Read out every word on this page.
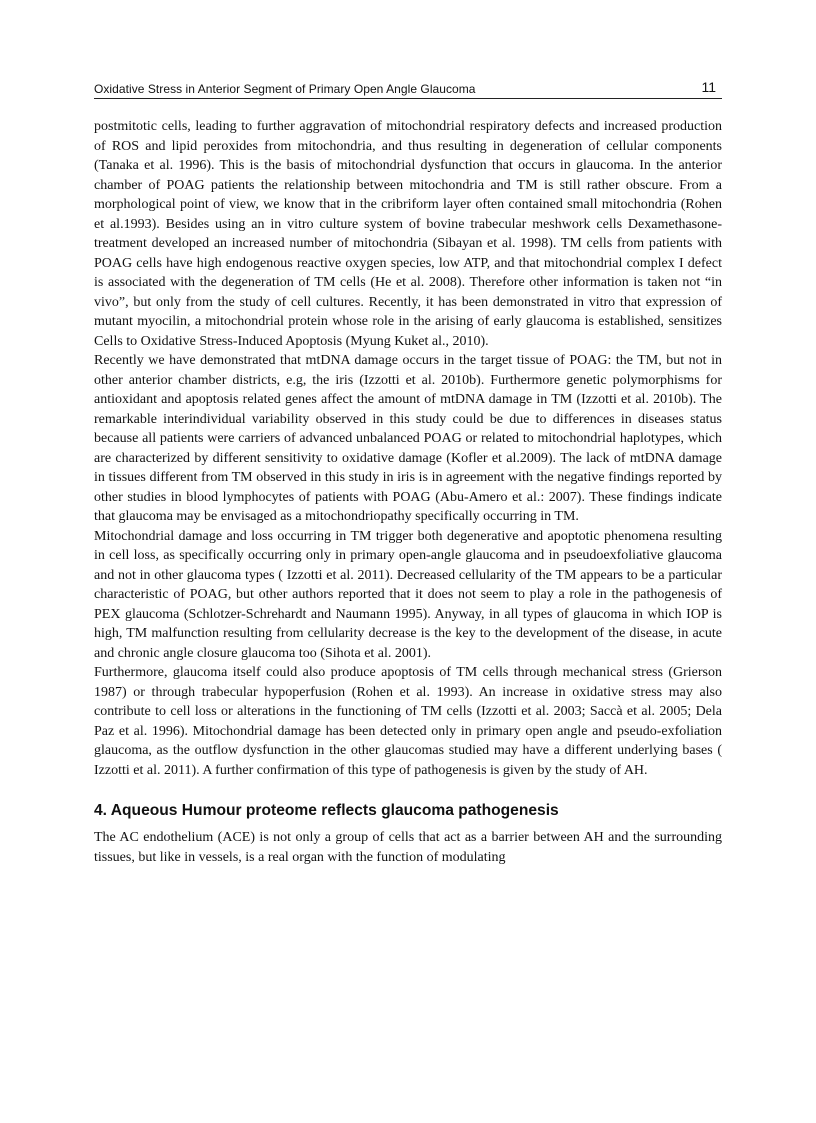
Oxidative Stress in Anterior Segment of Primary Open Angle Glaucoma	11

postmitotic cells, leading to further aggravation of mitochondrial respiratory defects and increased production of ROS and lipid peroxides from mitochondria, and thus resulting in degeneration of cellular components (Tanaka et al. 1996). This is the basis of mitochondrial dysfunction that occurs in glaucoma. In the anterior chamber of POAG patients the relationship between mitochondria and TM is still rather obscure. From a morphological point of view, we know that in the cribriform layer often contained small mitochondria (Rohen et al.1993). Besides using an in vitro culture system of bovine trabecular meshwork cells Dexamethasone-treatment developed an increased number of mitochondria (Sibayan et al. 1998). TM cells from patients with POAG cells have high endogenous reactive oxygen species, low ATP, and that mitochondrial complex I defect is associated with the degeneration of TM cells (He et al. 2008). Therefore other information is taken not “in vivo”, but only from the study of cell cultures. Recently, it has been demonstrated in vitro that expression of mutant myocilin, a mitochondrial protein whose role in the arising of early glaucoma is established, sensitizes Cells to Oxidative Stress-Induced Apoptosis (Myung Kuket al., 2010).

Recently we have demonstrated that mtDNA damage occurs in the target tissue of POAG: the TM, but not in other anterior chamber districts, e.g, the iris (Izzotti et al. 2010b). Furthermore genetic polymorphisms for antioxidant and apoptosis related genes affect the amount of mtDNA damage in TM (Izzotti et al. 2010b). The remarkable interindividual variability observed in this study could be due to differences in diseases status because all patients were carriers of advanced unbalanced POAG or related to mitochondrial haplotypes, which are characterized by different sensitivity to oxidative damage (Kofler et al.2009). The lack of mtDNA damage in tissues different from TM observed in this study in iris is in agreement with the negative findings reported by other studies in blood lymphocytes of patients with POAG (Abu-Amero et al.: 2007). These findings indicate that glaucoma may be envisaged as a mitochondriopathy specifically occurring in TM.

Mitochondrial damage and loss occurring in TM trigger both degenerative and apoptotic phenomena resulting in cell loss, as specifically occurring only in primary open-angle glaucoma and in pseudoexfoliative glaucoma and not in other glaucoma types ( Izzotti et al. 2011). Decreased cellularity of the TM appears to be a particular characteristic of POAG, but other authors reported that it does not seem to play a role in the pathogenesis of PEX glaucoma (Schlotzer-Schrehardt and Naumann 1995). Anyway, in all types of glaucoma in which IOP is high, TM malfunction resulting from cellularity decrease is the key to the development of the disease, in acute and chronic angle closure glaucoma too (Sihota et al. 2001).

Furthermore, glaucoma itself could also produce apoptosis of TM cells through mechanical stress (Grierson 1987) or through trabecular hypoperfusion (Rohen et al. 1993). An increase in oxidative stress may also contribute to cell loss or alterations in the functioning of TM cells (Izzotti et al. 2003; Saccà et al. 2005; Dela Paz et al. 1996). Mitochondrial damage has been detected only in primary open angle and pseudo-exfoliation glaucoma, as the outflow dysfunction in the other glaucomas studied may have a different underlying bases ( Izzotti et al. 2011). A further confirmation of this type of pathogenesis is given by the study of AH.

4. Aqueous Humour proteome reflects glaucoma pathogenesis

The AC endothelium (ACE) is not only a group of cells that act as a barrier between AH and the surrounding tissues, but like in vessels, is a real organ with the function of modulating
